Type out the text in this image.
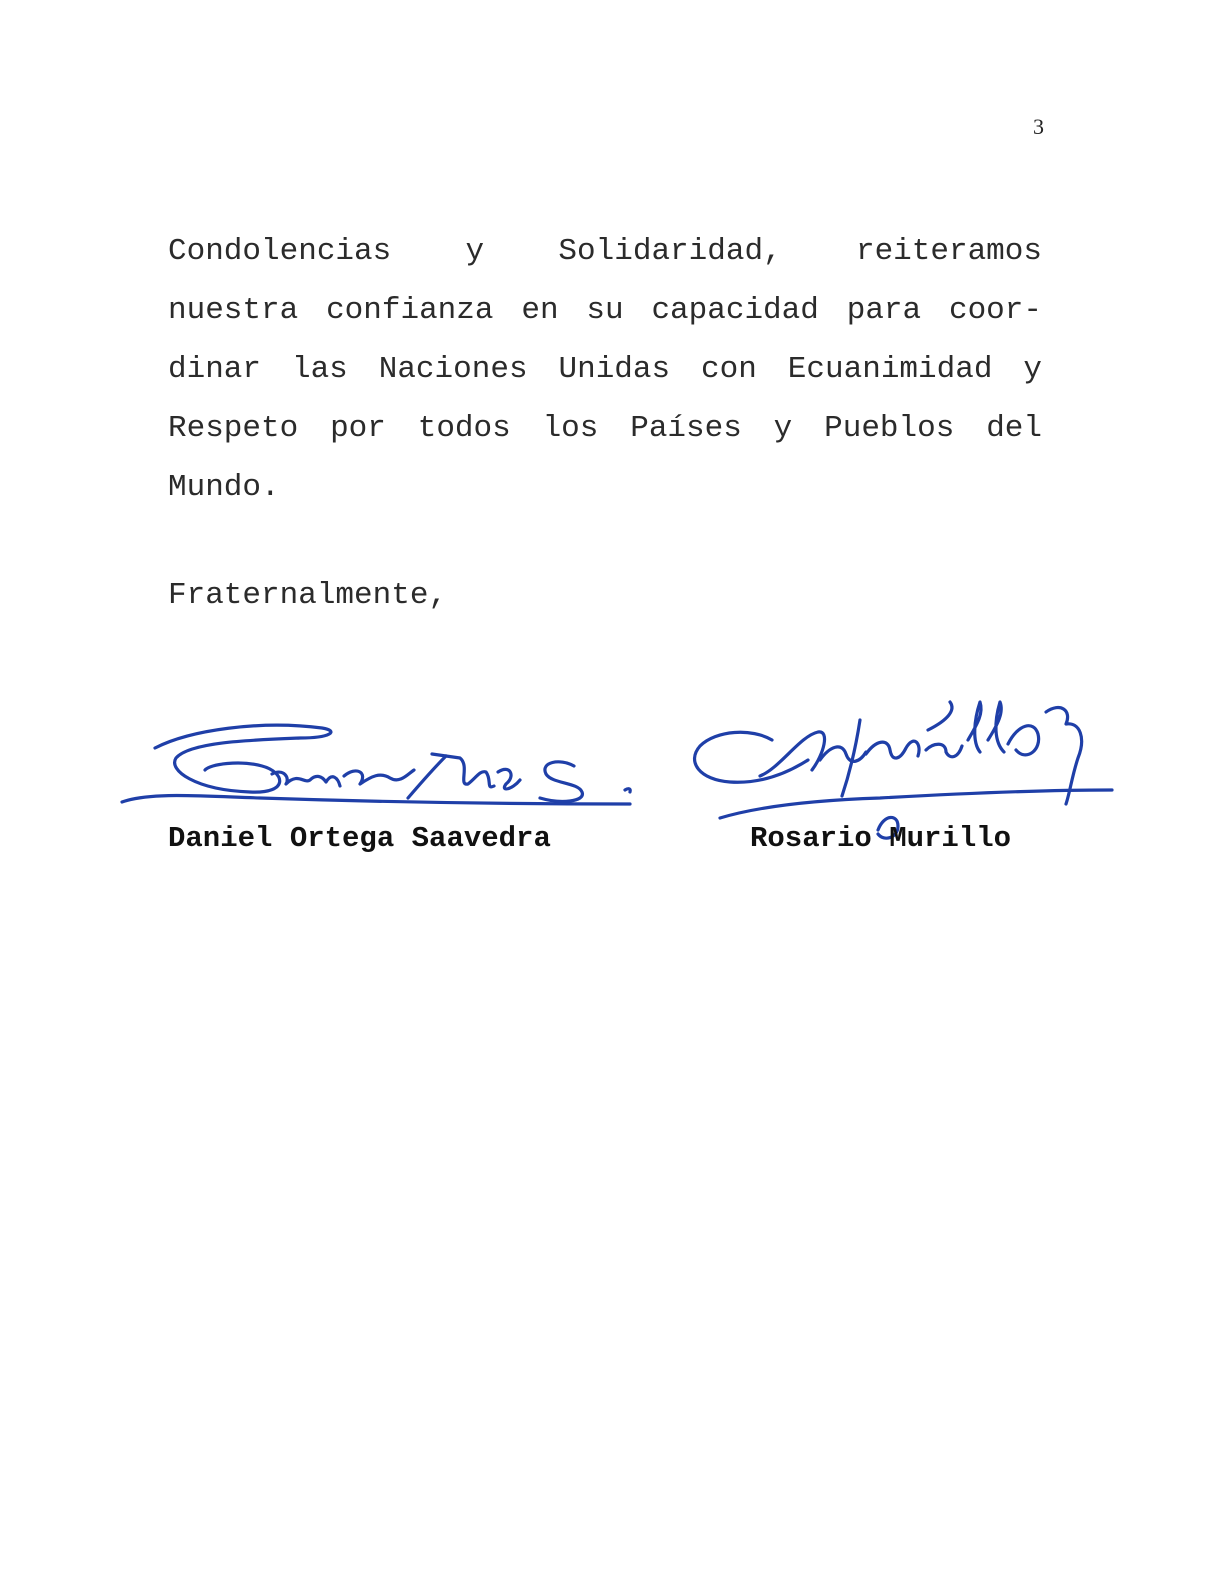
3
Condolencias y Solidaridad, reiteramos
nuestra confianza en su capacidad para coor-
dinar las Naciones Unidas con Ecuanimidad y
Respeto por todos los Países y Pueblos del
Mundo.
Fraternalmente,
Daniel Ortega Saavedra	Rosario Murillo
